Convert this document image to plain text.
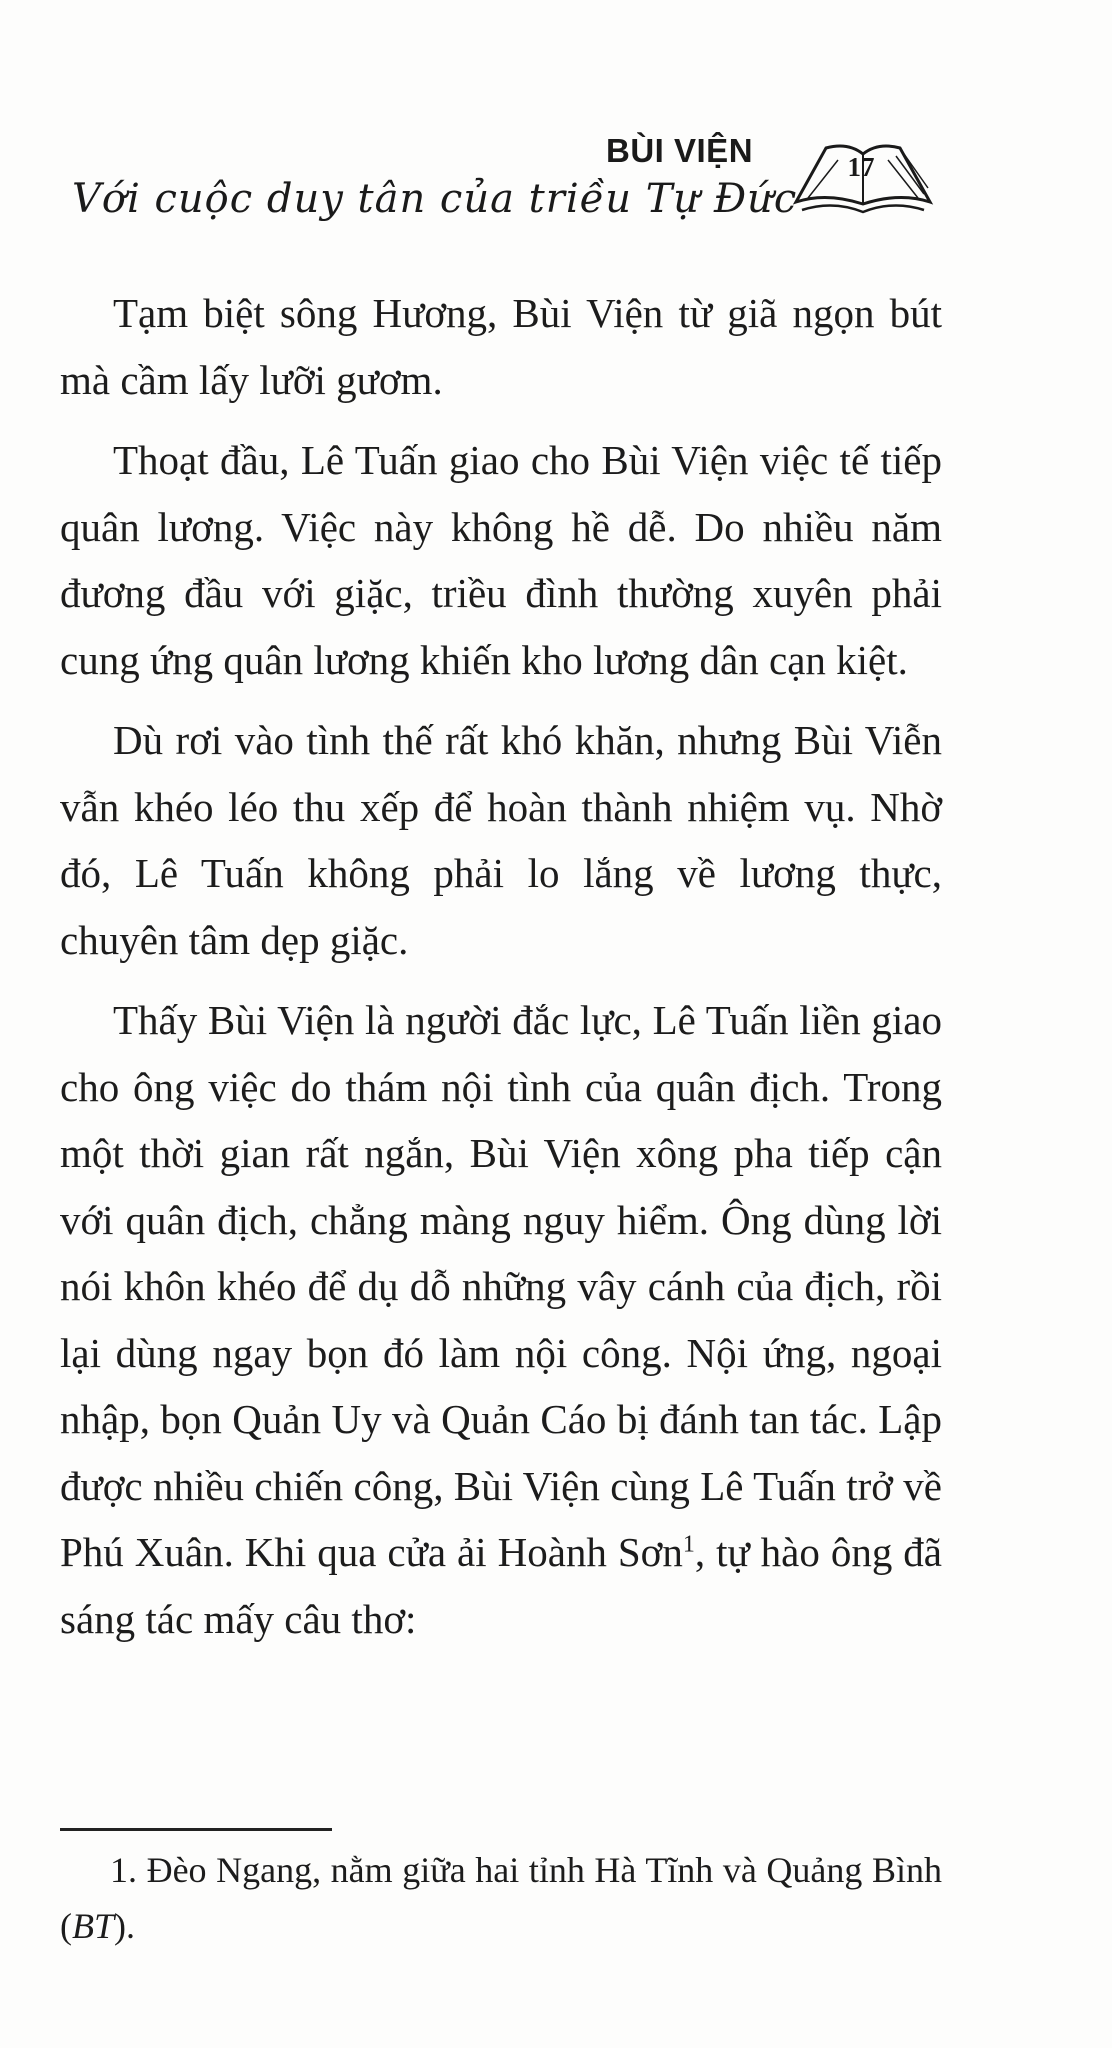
BÙI VIỆN
Với cuộc duy tân của triều Tự Đức
17

Tạm biệt sông Hương, Bùi Viện từ giã ngọn bút mà cầm lấy lưỡi gươm.

Thoạt đầu, Lê Tuấn giao cho Bùi Viện việc tế tiếp quân lương. Việc này không hề dễ. Do nhiều năm đương đầu với giặc, triều đình thường xuyên phải cung ứng quân lương khiến kho lương dân cạn kiệt.

Dù rơi vào tình thế rất khó khăn, nhưng Bùi Viễn vẫn khéo léo thu xếp để hoàn thành nhiệm vụ. Nhờ đó, Lê Tuấn không phải lo lắng về lương thực, chuyên tâm dẹp giặc.

Thấy Bùi Viện là người đắc lực, Lê Tuấn liền giao cho ông việc do thám nội tình của quân địch. Trong một thời gian rất ngắn, Bùi Viện xông pha tiếp cận với quân địch, chẳng màng nguy hiểm. Ông dùng lời nói khôn khéo để dụ dỗ những vây cánh của địch, rồi lại dùng ngay bọn đó làm nội công. Nội ứng, ngoại nhập, bọn Quản Uy và Quản Cáo bị đánh tan tác. Lập được nhiều chiến công, Bùi Viện cùng Lê Tuấn trở về Phú Xuân. Khi qua cửa ải Hoành Sơn$^1$, tự hào ông đã sáng tác mấy câu thơ:

1. Đèo Ngang, nằm giữa hai tỉnh Hà Tĩnh và Quảng Bình (BT).
